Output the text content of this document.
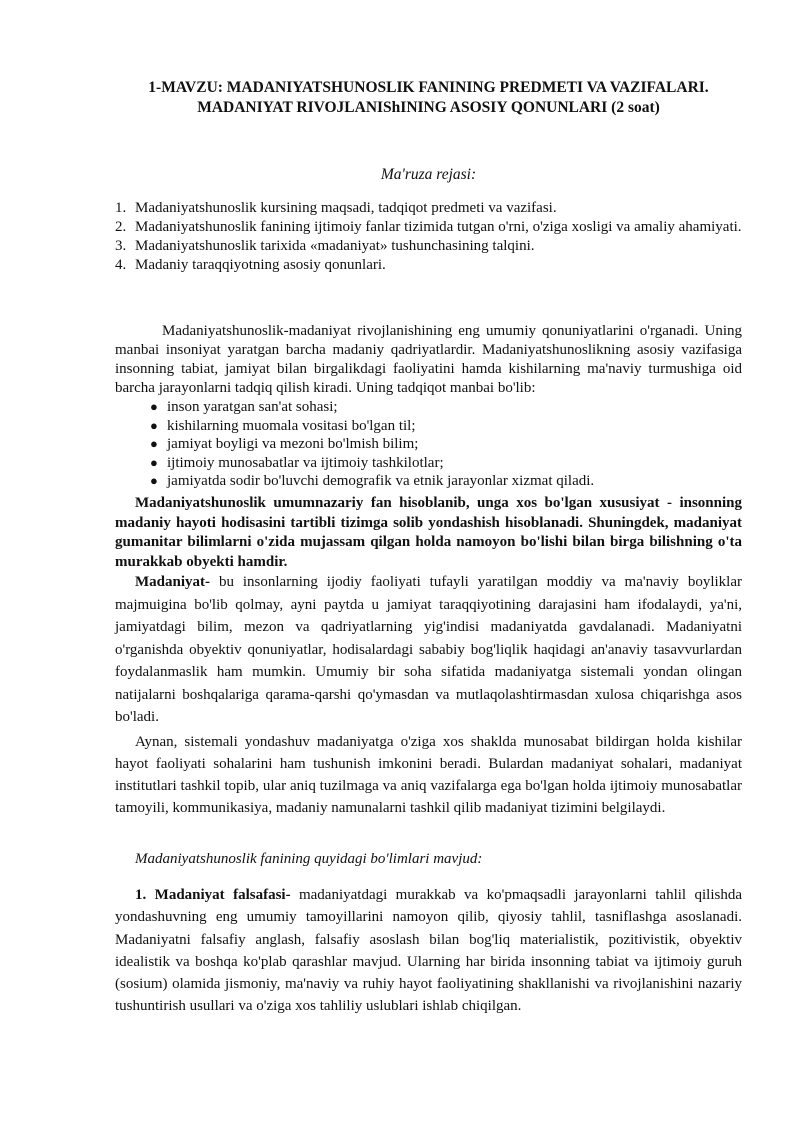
1-MAVZU: MADANIYATSHUNOSLIK FANINING PREDMETI VA VAZIFALARI.
MADANIYAT RIVOJLANIShINING ASOSIY QONUNLARI (2 soat)
Ma'ruza rejasi:
1. Madaniyatshunoslik kursining maqsadi, tadqiqot predmeti va vazifasi.
2. Madaniyatshunoslik fanining ijtimoiy fanlar tizimida tutgan o'rni, o'ziga xosligi va amaliy ahamiyati.
3. Madaniyatshunoslik tarixida «madaniyat» tushunchasining talqini.
4. Madaniy taraqqiyotning asosiy qonunlari.
Madaniyatshunoslik-madaniyat rivojlanishining eng umumiy qonuniyatlarini o'rganadi. Uning manbai insoniyat yaratgan barcha madaniy qadriyatlardir. Madaniyatshunoslikning asosiy vazifasiga insonning tabiat, jamiyat bilan birgalikdagi faoliyatini hamda kishilarning ma'naviy turmushiga oid barcha jarayonlarni tadqiq qilish kiradi. Uning tadqiqot manbai bo'lib:
● inson yaratgan san'at sohasi;
● kishilarning muomala vositasi bo'lgan til;
● jamiyat boyligi va mezoni bo'lmish bilim;
● ijtimoiy munosabatlar va ijtimoiy tashkilotlar;
● jamiyatda sodir bo'luvchi demografik va etnik jarayonlar xizmat qiladi.
Madaniyatshunoslik umumnazariy fan hisoblanib, unga xos bo'lgan xususiyat - insonning madaniy hayoti hodisasini tartibli tizimga solib yondashish hisoblanadi. Shuningdek, madaniyat gumanitar bilimlarni o'zida mujassam qilgan holda namoyon bo'lishi bilan birga bilishning o'ta murakkab obyekti hamdir.
Madaniyat- bu insonlarning ijodiy faoliyati tufayli yaratilgan moddiy va ma'naviy boyliklar majmuigina bo'lib qolmay, ayni paytda u jamiyat taraqqiyotining darajasini ham ifodalaydi, ya'ni, jamiyatdagi bilim, mezon va qadriyatlarning yig'indisi madaniyatda gavdalanadi. Madaniyatni o'rganishda obyektiv qonuniyatlar, hodisalardagi sababiy bog'liqlik haqidagi an'anaviy tasavvurlardan foydalanmaslik ham mumkin. Umumiy bir soha sifatida madaniyatga sistemali yondan olingan natijalarni boshqalariga qarama-qarshi qo'ymasdan va mutlaqolashtirmasdan xulosa chiqarishga asos bo'ladi.
Aynan, sistemali yondashuv madaniyatga o'ziga xos shaklda munosabat bildirgan holda kishilar hayot faoliyati sohalarini ham tushunish imkonini beradi. Bulardan madaniyat sohalari, madaniyat institutlari tashkil topib, ular aniq tuzilmaga va aniq vazifalarga ega bo'lgan holda ijtimoiy munosabatlar tamoyili, kommunikasiya, madaniy namunalarni tashkil qilib madaniyat tizimini belgilaydi.
Madaniyatshunoslik fanining quyidagi bo'limlari mavjud:
1. Madaniyat falsafasi- madaniyatdagi murakkab va ko'pmaqsadli jarayonlarni tahlil qilishda yondashuvning eng umumiy tamoyillarini namoyon qilib, qiyosiy tahlil, tasniflashga asoslanadi. Madaniyatni falsafiy anglash, falsafiy asoslash bilan bog'liq materialistik, pozitivistik, obyektiv idealistik va boshqa ko'plab qarashlar mavjud. Ularning har birida insonning tabiat va ijtimoiy guruh (sosium) olamida jismoniy, ma'naviy va ruhiy hayot faoliyatining shakllanishi va rivojlanishini nazariy tushuntirish usullari va o'ziga xos tahliliy uslublari ishlab chiqilgan.
